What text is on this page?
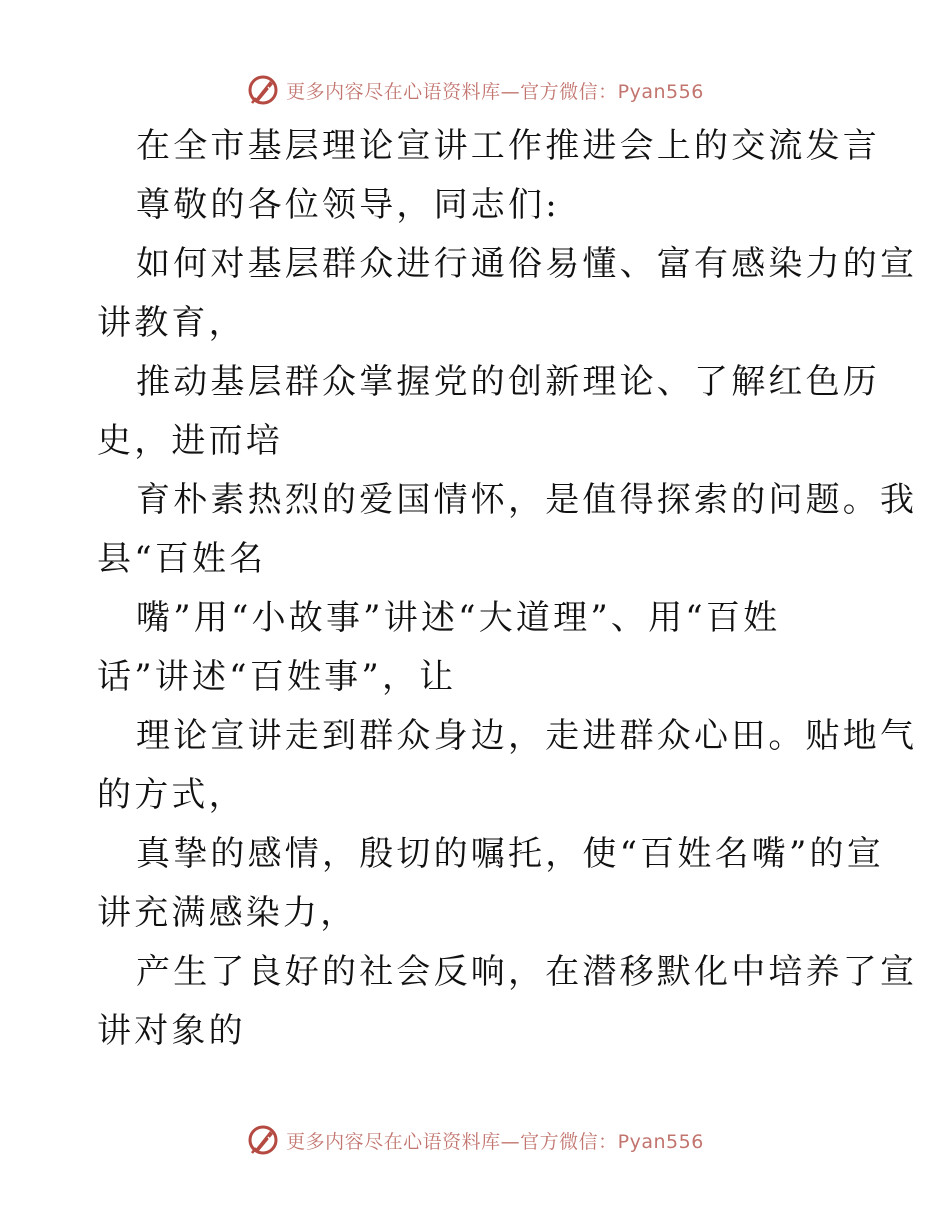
更多内容尽在心语资料库—官方微信：Pyan556
在全市基层理论宣讲工作推进会上的交流发言
尊敬的各位领导，同志们:
如何对基层群众进行通俗易懂、富有感染力的宣
讲教育，
推动基层群众掌握党的创新理论、了解红色历
史，进而培
育朴素热烈的爱国情怀，是值得探索的问题。我
县“百姓名
嘴”用“小故事”讲述“大道理”、用“百姓
话”讲述“百姓事”，让
理论宣讲走到群众身边，走进群众心田。贴地气
的方式，
真挚的感情，殷切的嘱托，使“百姓名嘴”的宣
讲充满感染力，
产生了良好的社会反响，在潜移默化中培养了宣
讲对象的
更多内容尽在心语资料库—官方微信：Pyan556
